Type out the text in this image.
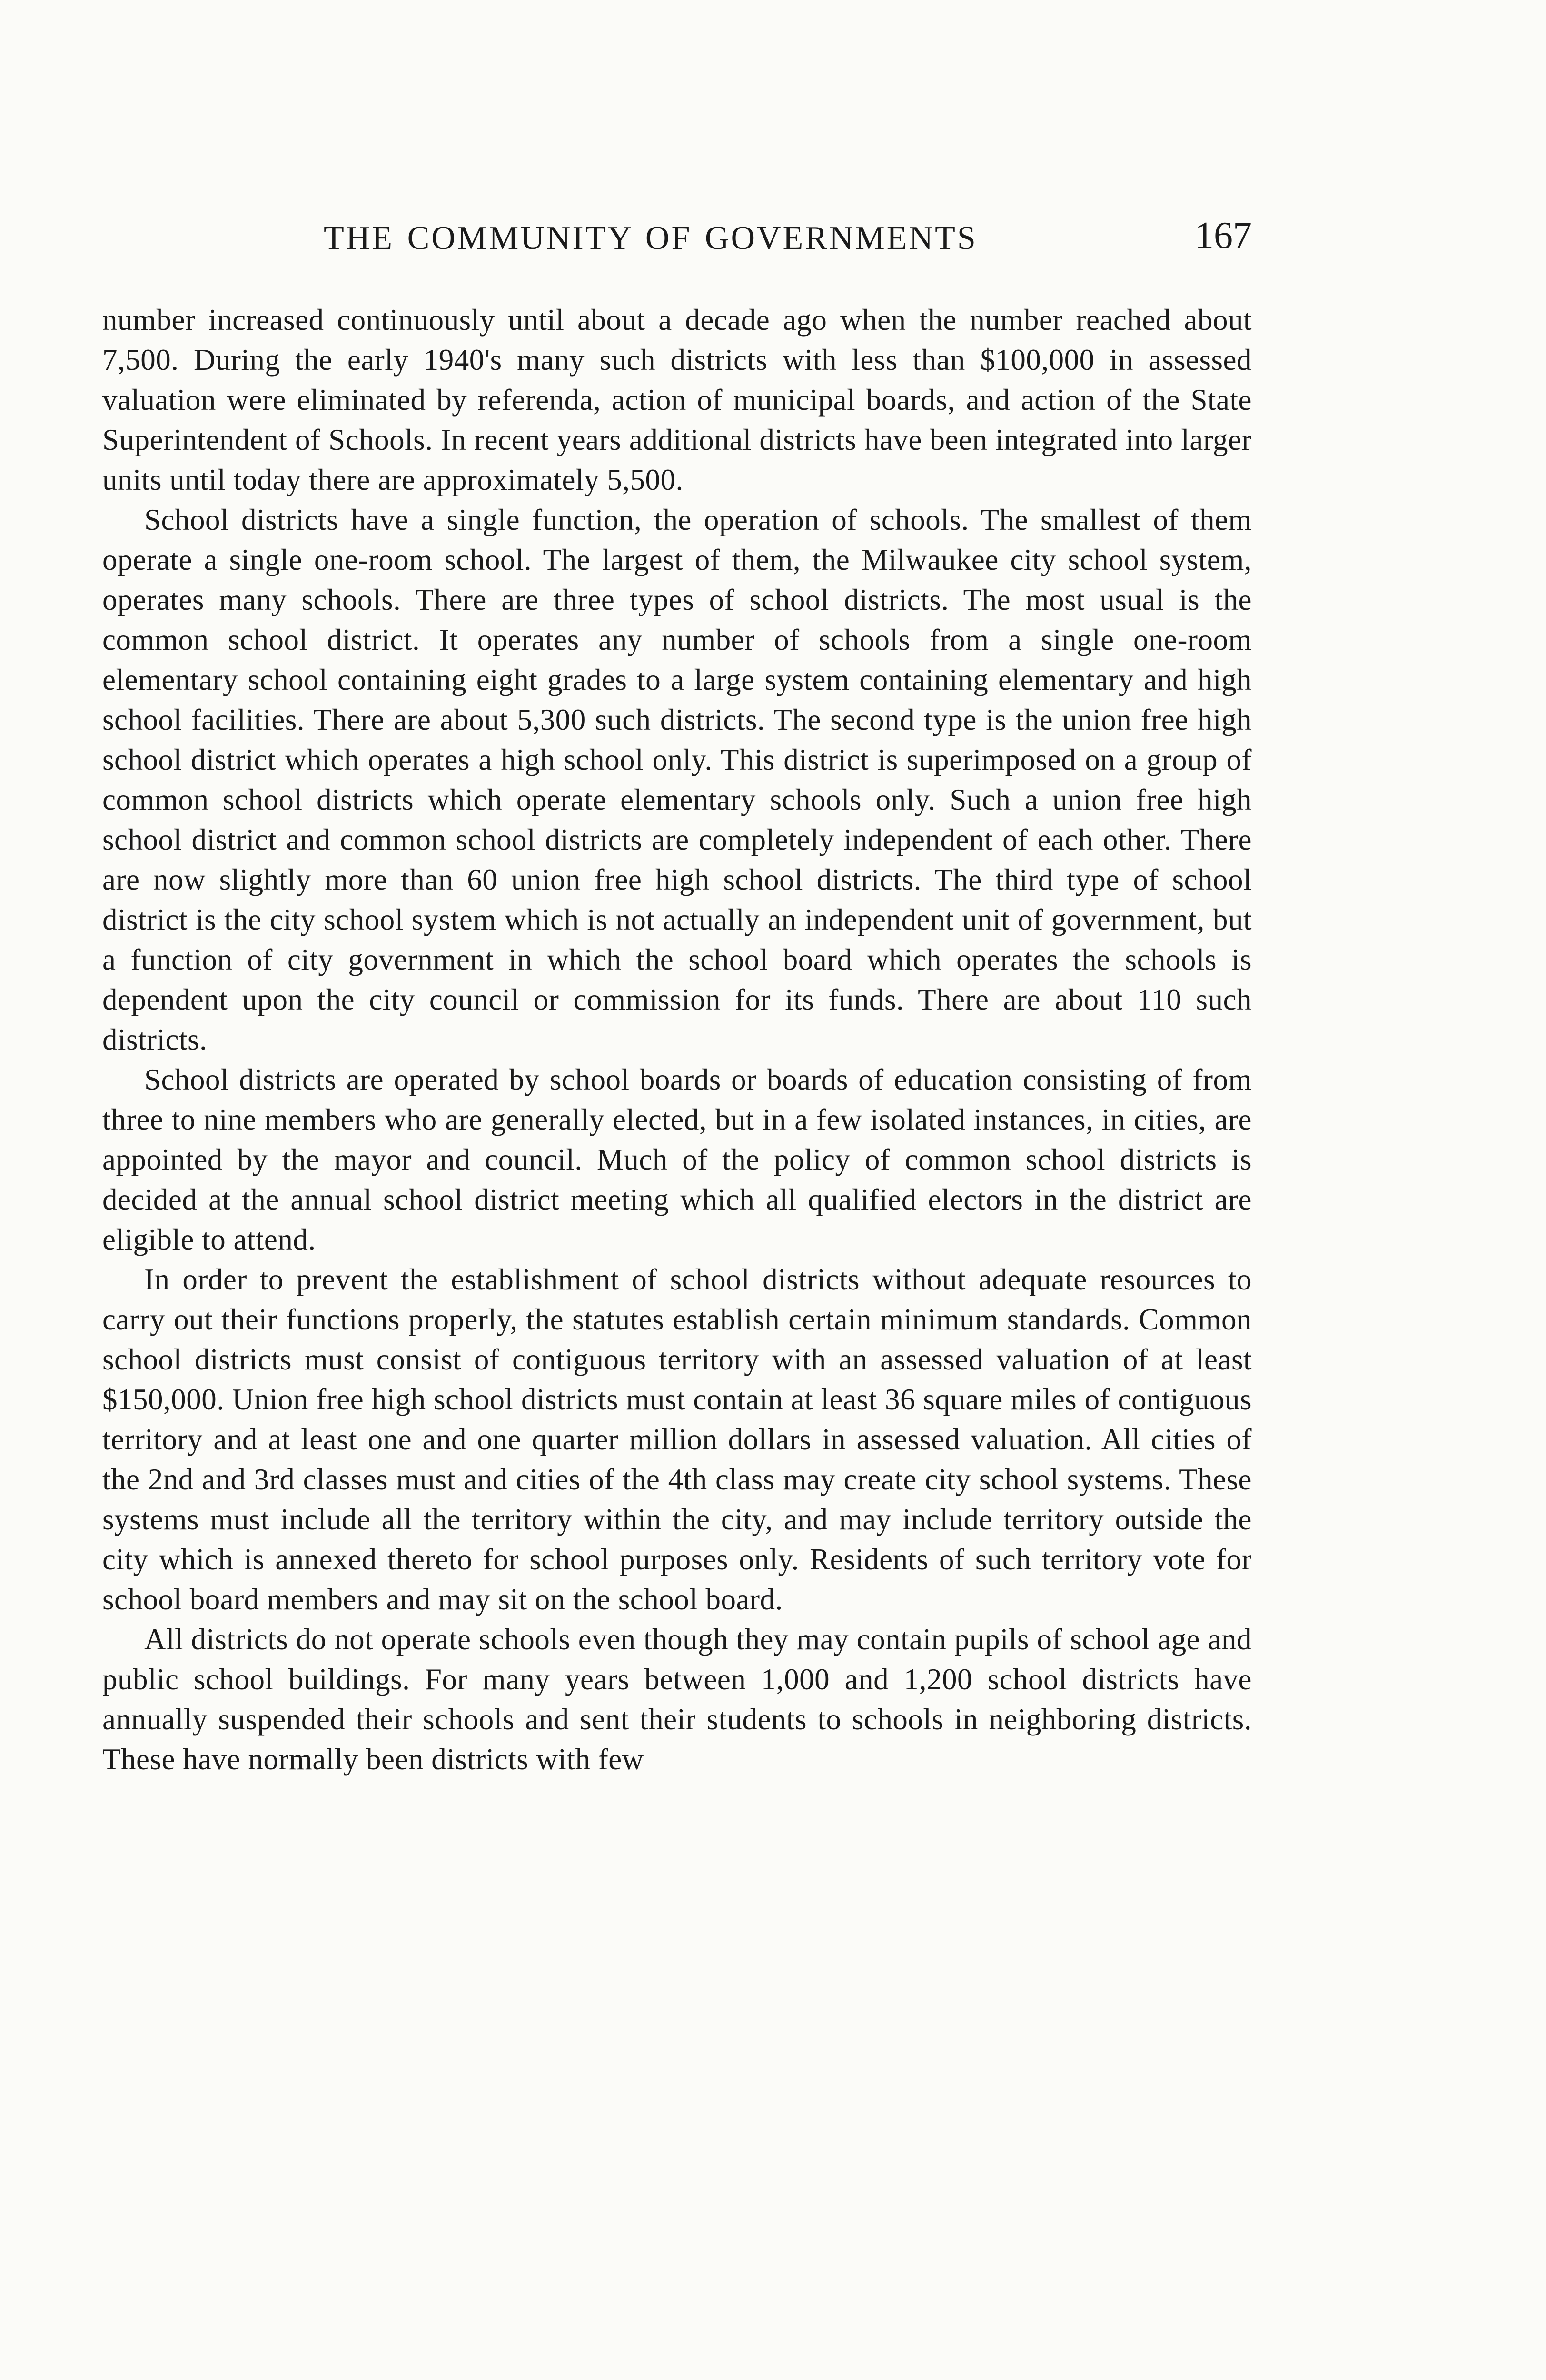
THE COMMUNITY OF GOVERNMENTS	167

number increased continuously until about a decade ago when the number reached about 7,500. During the early 1940's many such districts with less than $100,000 in assessed valuation were eliminated by referenda, action of municipal boards, and action of the State Superintendent of Schools. In recent years additional districts have been integrated into larger units until today there are approximately 5,500.

School districts have a single function, the operation of schools. The smallest of them operate a single one-room school. The largest of them, the Milwaukee city school system, operates many schools. There are three types of school districts. The most usual is the common school district. It operates any number of schools from a single one-room elementary school containing eight grades to a large system containing elementary and high school facilities. There are about 5,300 such districts. The second type is the union free high school district which operates a high school only. This district is superimposed on a group of common school districts which operate elementary schools only. Such a union free high school district and common school districts are completely independent of each other. There are now slightly more than 60 union free high school districts. The third type of school district is the city school system which is not actually an independent unit of government, but a function of city government in which the school board which operates the schools is dependent upon the city council or commission for its funds. There are about 110 such districts.

School districts are operated by school boards or boards of education consisting of from three to nine members who are generally elected, but in a few isolated instances, in cities, are appointed by the mayor and council. Much of the policy of common school districts is decided at the annual school district meeting which all qualified electors in the district are eligible to attend.

In order to prevent the establishment of school districts without adequate resources to carry out their functions properly, the statutes establish certain minimum standards. Common school districts must consist of contiguous territory with an assessed valuation of at least $150,000. Union free high school districts must contain at least 36 square miles of contiguous territory and at least one and one quarter million dollars in assessed valuation. All cities of the 2nd and 3rd classes must and cities of the 4th class may create city school systems. These systems must include all the territory within the city, and may include territory outside the city which is annexed thereto for school purposes only. Residents of such territory vote for school board members and may sit on the school board.

All districts do not operate schools even though they may contain pupils of school age and public school buildings. For many years between 1,000 and 1,200 school districts have annually suspended their schools and sent their students to schools in neighboring districts. These have normally been districts with few
